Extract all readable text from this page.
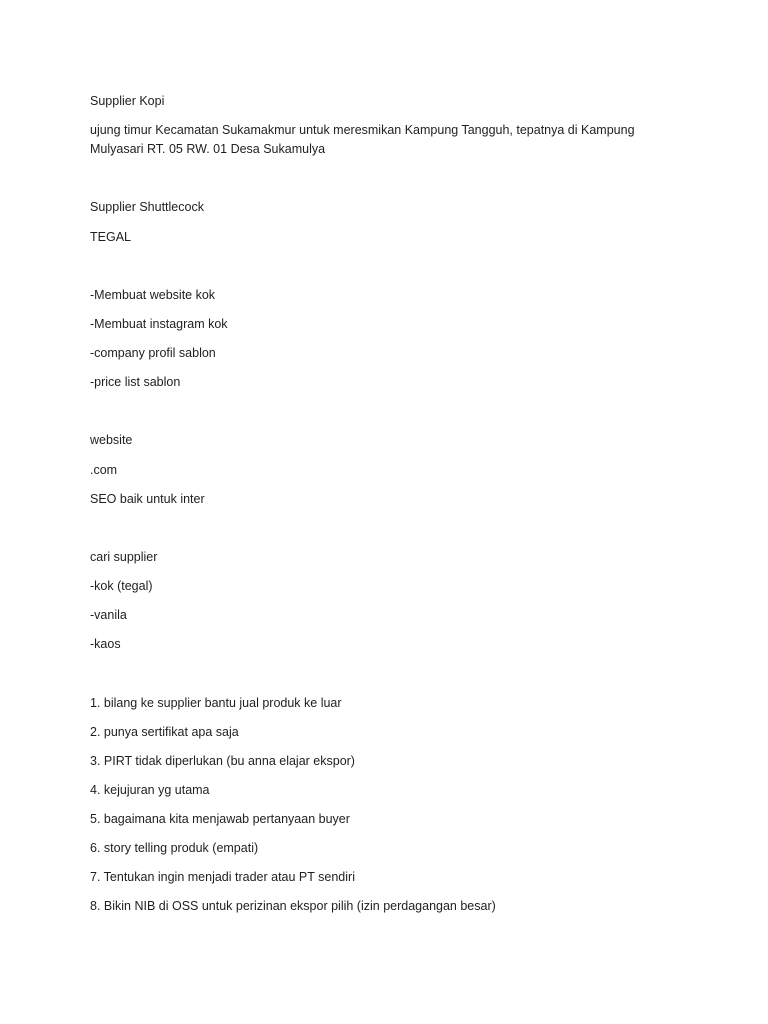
Supplier Kopi
ujung timur Kecamatan Sukamakmur untuk meresmikan Kampung Tangguh, tepatnya di Kampung
Mulyasari RT. 05 RW. 01 Desa Sukamulya
Supplier Shuttlecock
TEGAL
-Membuat website kok
-Membuat instagram kok
-company profil sablon
-price list sablon
website
.com
SEO baik untuk inter
cari supplier
-kok (tegal)
-vanila
-kaos
1. bilang ke supplier bantu jual produk ke luar
2. punya sertifikat apa saja
3. PIRT tidak diperlukan (bu anna elajar ekspor)
4. kejujuran yg utama
5. bagaimana kita menjawab pertanyaan buyer
6. story telling produk (empati)
7. Tentukan ingin menjadi trader atau PT sendiri
8. Bikin NIB di OSS untuk perizinan ekspor pilih (izin perdagangan besar)
